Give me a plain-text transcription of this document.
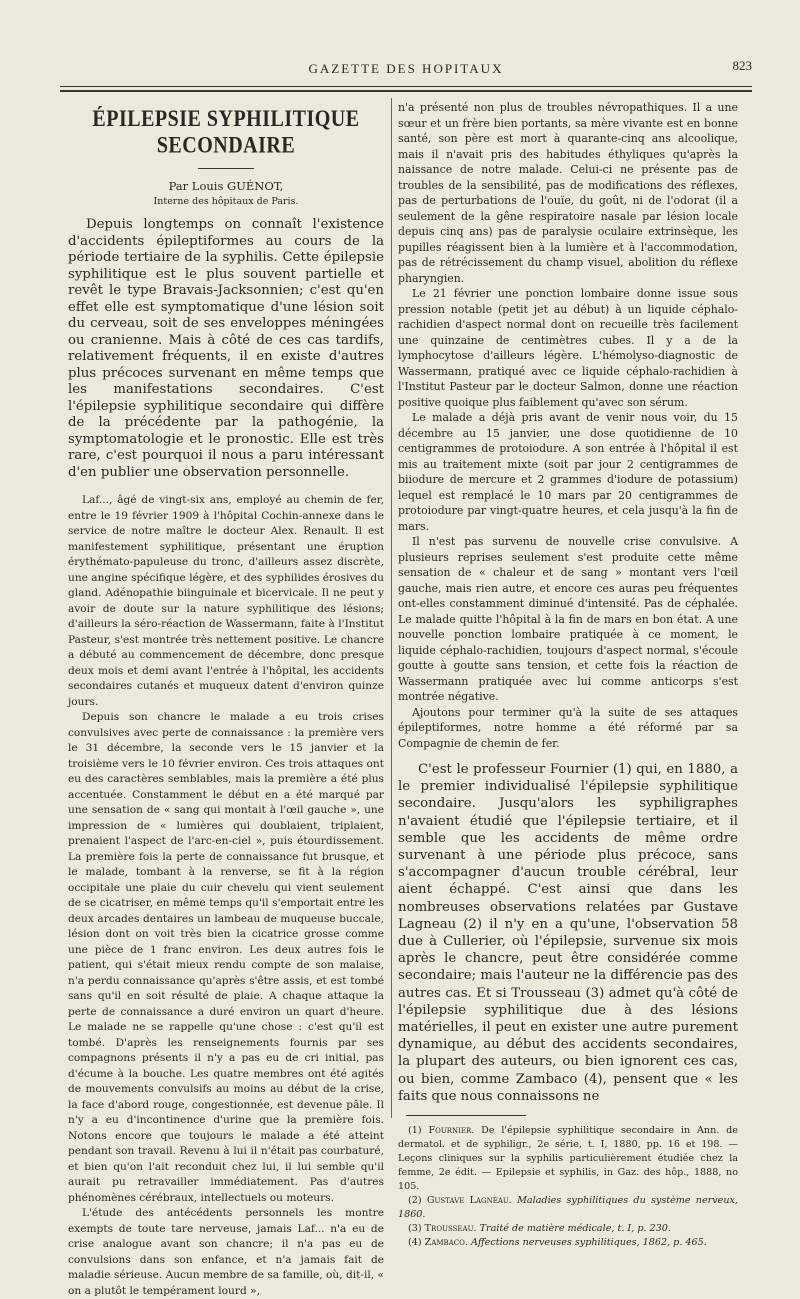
GAZETTE DES HOPITAUX	823
ÉPILEPSIE SYPHILITIQUE SECONDAIRE

Par Louis GUÉNOT,

Interne des hôpitaux de Paris.

Depuis longtemps on connaît l'existence d'accidents épileptiformes au cours de la période tertiaire de la syphilis. Cette épilepsie syphilitique est le plus souvent partielle et revêt le type Bravais-Jacksonnien; c'est qu'en effet elle est symptomatique d'une lésion soit du cerveau, soit de ses enveloppes méningées ou cranienne. Mais à côté de ces cas tardifs, relativement fréquents, il en existe d'autres plus précoces survenant en même temps que les manifestations secondaires. C'est l'épilepsie syphilitique secondaire qui diffère de la précédente par la pathogénie, la symptomatologie et le pronostic. Elle est très rare, c'est pourquoi il nous a paru intéressant d'en publier une observation personnelle.

Laf..., âgé de vingt-six ans, employé au chemin de fer, entre le 19 février 1909 à l'hôpital Cochin-annexe dans le service de notre maître le docteur Alex. Renault. Il est manifestement syphilitique, présentant une éruption érythémato-papuleuse du tronc, d'ailleurs assez discrète, une angine spécifique légère, et des syphilides érosives du gland. Adénopathie biinguinale et bicervicale. Il ne peut y avoir de doute sur la nature syphilitique des lésions; d'ailleurs la séro-réaction de Wassermann, faite à l'Institut Pasteur, s'est montrée très nettement positive. Le chancre a débuté au commencement de décembre, donc presque deux mois et demi avant l'entrée à l'hôpital, les accidents secondaires cutanés et muqueux datent d'environ quinze jours.

Depuis son chancre le malade a eu trois crises convulsives avec perte de connaissance : la première vers le 31 décembre, la seconde vers le 15 janvier et la troisième vers le 10 février environ. Ces trois attaques ont eu des caractères semblables, mais la première a été plus accentuée. Constamment le début en a été marqué par une sensation de « sang qui montait à l'œil gauche », une impression de « lumières qui doublaient, triplaient, prenaient l'aspect de l'arc-en-ciel », puis étourdissement. La première fois la perte de connaissance fut brusque, et le malade, tombant à la renverse, se fit à la région occipitale une plaie du cuir chevelu qui vient seulement de se cicatriser, en même temps qu'il s'emportait entre les deux arcades dentaires un lambeau de muqueuse buccale, lésion dont on voit très bien la cicatrice grosse comme une pièce de 1 franc environ. Les deux autres fois le patient, qui s'était mieux rendu compte de son malaise, n'a perdu connaissance qu'après s'être assis, et est tombé sans qu'il en soit résulté de plaie. A chaque attaque la perte de connaissance a duré environ un quart d'heure. Le malade ne se rappelle qu'une chose : c'est qu'il est tombé. D'après les renseignements fournis par ses compagnons présents il n'y a pas eu de cri initial, pas d'écume à la bouche. Les quatre membres ont été agités de mouvements convulsifs au moins au début de la crise, la face d'abord rouge, congestionnée, est devenue pâle. Il n'y a eu d'incontinence d'urine que la première fois. Notons encore que toujours le malade a été atteint pendant son travail. Revenu à lui il n'était pas courbaturé, et bien qu'on l'ait reconduit chez lui, il lui semble qu'il aurait pu retravailler immédiatement. Pas d'autres phénomènes cérébraux, intellectuels ou moteurs.

L'étude des antécédents personnels les montre exempts de toute tare nerveuse, jamais Laf... n'a eu de crise analogue avant son chancre; il n'a pas eu de convulsions dans son enfance, et n'a jamais fait de maladie sérieuse. Aucun membre de sa famille, où, dit-il, « on a plutôt le tempérament lourd »,

n'a présenté non plus de troubles névropathiques. Il a une sœur et un frère bien portants, sa mère vivante est en bonne santé, son père est mort à quarante-cinq ans alcoolique, mais il n'avait pris des habitudes éthyliques qu'après la naissance de notre malade. Celui-ci ne présente pas de troubles de la sensibilité, pas de modifications des réflexes, pas de perturbations de l'ouïe, du goût, ni de l'odorat (il a seulement de la gêne respiratoire nasale par lésion locale depuis cinq ans) pas de paralysie oculaire extrinsèque, les pupilles réagissent bien à la lumière et à l'accommodation, pas de rétrécissement du champ visuel, abolition du réflexe pharyngien.

Le 21 février une ponction lombaire donne issue sous pression notable (petit jet au début) à un liquide céphalo-rachidien d'aspect normal dont on recueille très facilement une quinzaine de centimètres cubes. Il y a de la lymphocytose d'ailleurs légère. L'hémolyso-diagnostic de Wassermann, pratiqué avec ce liquide céphalo-rachidien à l'Institut Pasteur par le docteur Salmon, donne une réaction positive quoique plus faiblement qu'avec son sérum.

Le malade a déjà pris avant de venir nous voir, du 15 décembre au 15 janvier, une dose quotidienne de 10 centigrammes de protoiodure. A son entrée à l'hôpital il est mis au traitement mixte (soit par jour 2 centigrammes de biiodure de mercure et 2 grammes d'iodure de potassium) lequel est remplacé le 10 mars par 20 centigrammes de protoiodure par vingt-quatre heures, et cela jusqu'à la fin de mars.

Il n'est pas survenu de nouvelle crise convulsive. A plusieurs reprises seulement s'est produite cette même sensation de « chaleur et de sang » montant vers l'œil gauche, mais rien autre, et encore ces auras peu fréquentes ont-elles constamment diminué d'intensité. Pas de céphalée. Le malade quitte l'hôpital à la fin de mars en bon état. A une nouvelle ponction lombaire pratiquée à ce moment, le liquide céphalo-rachidien, toujours d'aspect normal, s'écoule goutte à goutte sans tension, et cette fois la réaction de Wassermann pratiquée avec lui comme anticorps s'est montrée négative.

Ajoutons pour terminer qu'à la suite de ses attaques épileptiformes, notre homme a été réformé par sa Compagnie de chemin de fer.

C'est le professeur Fournier (1) qui, en 1880, a le premier individualisé l'épilepsie syphilitique secondaire. Jusqu'alors les syphiligraphes n'avaient étudié que l'épilepsie tertiaire, et il semble que les accidents de même ordre survenant à une période plus précoce, sans s'accompagner d'aucun trouble cérébral, leur aient échappé. C'est ainsi que dans les nombreuses observations relatées par Gustave Lagneau (2) il n'y en a qu'une, l'observation 58 due à Cullerier, où l'épilepsie, survenue six mois après le chancre, peut être considérée comme secondaire; mais l'auteur ne la différencie pas des autres cas. Et si Trousseau (3) admet qu'à côté de l'épilepsie syphilitique due à des lésions matérielles, il peut en exister une autre purement dynamique, au début des accidents secondaires, la plupart des auteurs, ou bien ignorent ces cas, ou bien, comme Zambaco (4), pensent que « les faits que nous connaissons ne

(1) Fournier. De l'épilepsie syphilitique secondaire in Ann. de dermatol. et de syphiligr., 2e série, t. I, 1880, pp. 16 et 198. — Leçons cliniques sur la syphilis particulièrement étudiée chez la femme, 2e édit. — Epilepsie et syphilis, in Gaz. des hôp., 1888, no 105.

(2) Gustave Lagneau. Maladies syphilitiques du système nerveux, 1860.

(3) Trousseau. Traité de matière médicale, t. I, p. 230.

(4) Zambaco. Affections nerveuses syphilitiques, 1862, p. 465.
